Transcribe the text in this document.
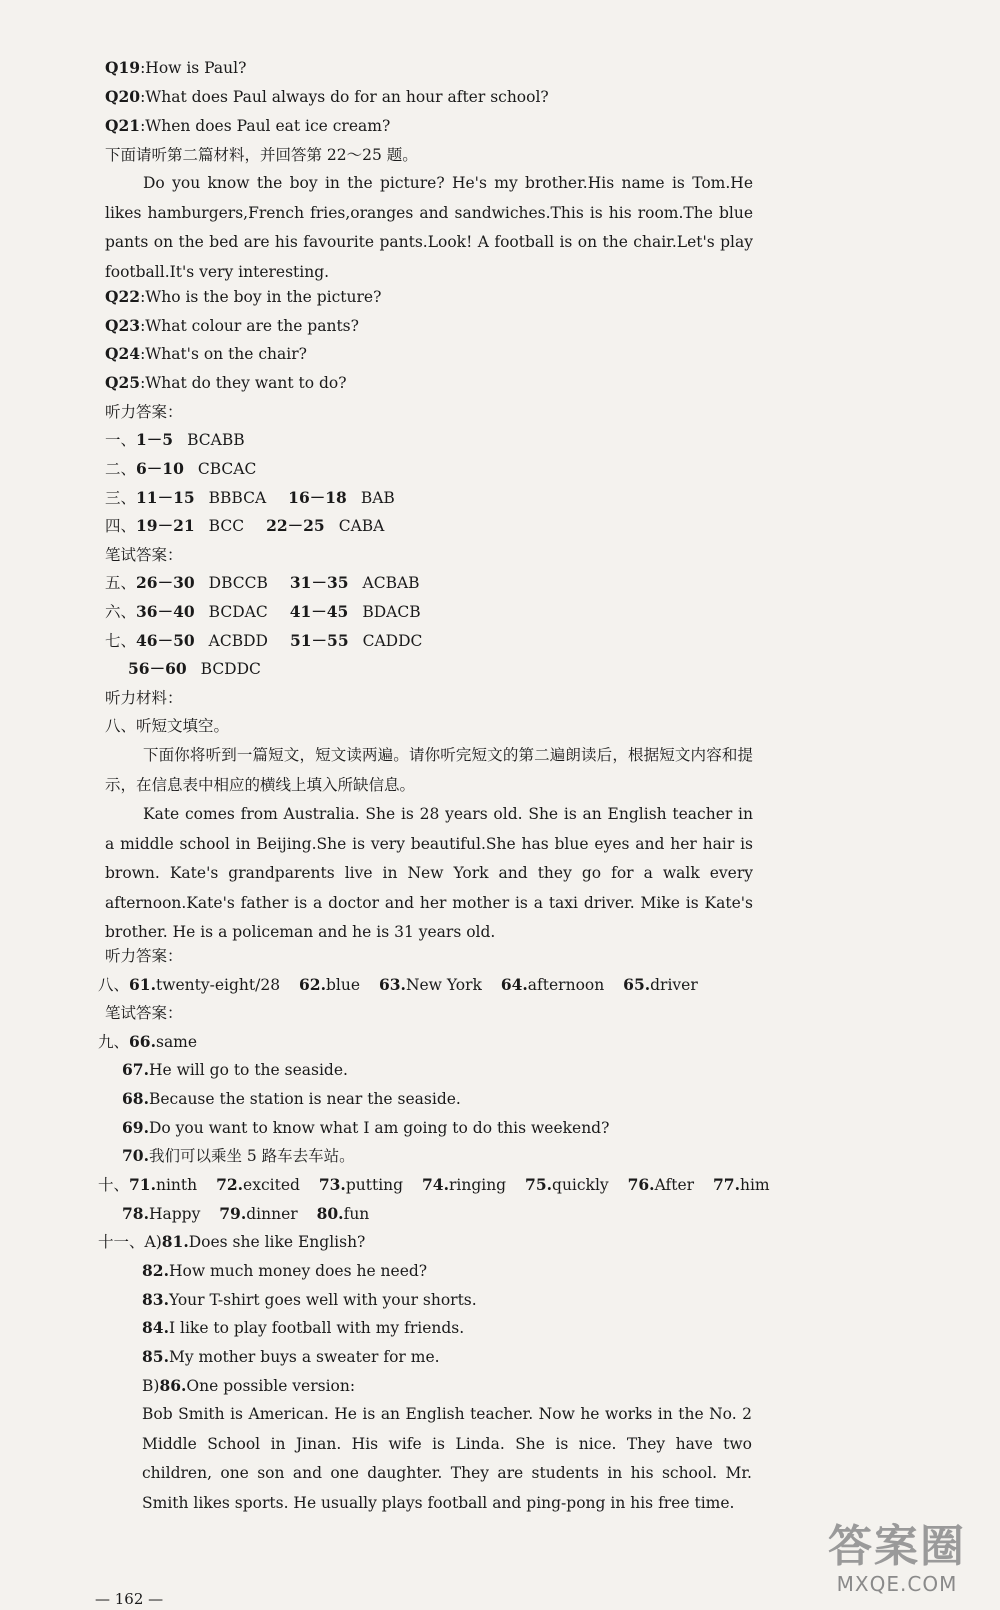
Q19:How is Paul?
Q20:What does Paul always do for an hour after school?
Q21:When does Paul eat ice cream?
下面请听第二篇材料，并回答第 22～25 题。
Do you know the boy in the picture? He's my brother.His name is Tom.He likes hamburgers,French fries,oranges and sandwiches.This is his room.The blue pants on the bed are his favourite pants.Look! A football is on the chair.Let's play football.It's very interesting.
Q22:Who is the boy in the picture?
Q23:What colour are the pants?
Q24:What's on the chair?
Q25:What do they want to do?
听力答案：
一、1－5 BCABB
二、6－10 CBCAC
三、11－15 BBBCA 16－18 BAB
四、19－21 BCC 22－25 CABA
笔试答案：
五、26－30 DBCCB 31－35 ACBAB
六、36－40 BCDAC 41－45 BDACB
七、46－50 ACBDD 51－55 CADDC
56－60 BCDDC
听力材料：
八、听短文填空。
下面你将听到一篇短文，短文读两遍。请你听完短文的第二遍朗读后，根据短文内容和提示，在信息表中相应的横线上填入所缺信息。
Kate comes from Australia. She is 28 years old. She is an English teacher in a middle school in Beijing.She is very beautiful.She has blue eyes and her hair is brown. Kate's grandparents live in New York and they go for a walk every afternoon.Kate's father is a doctor and her mother is a taxi driver. Mike is Kate's brother. He is a policeman and he is 31 years old.
听力答案：
八、61.twenty-eight/28 62.blue 63.New York 64.afternoon 65.driver
笔试答案：
九、66.same
67.He will go to the seaside.
68.Because the station is near the seaside.
69.Do you want to know what I am going to do this weekend?
70.我们可以乘坐 5 路车去车站。
十、71.ninth 72.excited 73.putting 74.ringing 75.quickly 76.After 77.him
78.Happy 79.dinner 80.fun
十一、A)81.Does she like English?
82.How much money does he need?
83.Your T-shirt goes well with your shorts.
84.I like to play football with my friends.
85.My mother buys a sweater for me.
B)86.One possible version:
Bob Smith is American. He is an English teacher. Now he works in the No. 2 Middle School in Jinan. His wife is Linda. She is nice. They have two children, one son and one daughter. They are students in his school. Mr. Smith likes sports. He usually plays football and ping-pong in his free time.
— 162 —
答案圈
MXQE.COM
